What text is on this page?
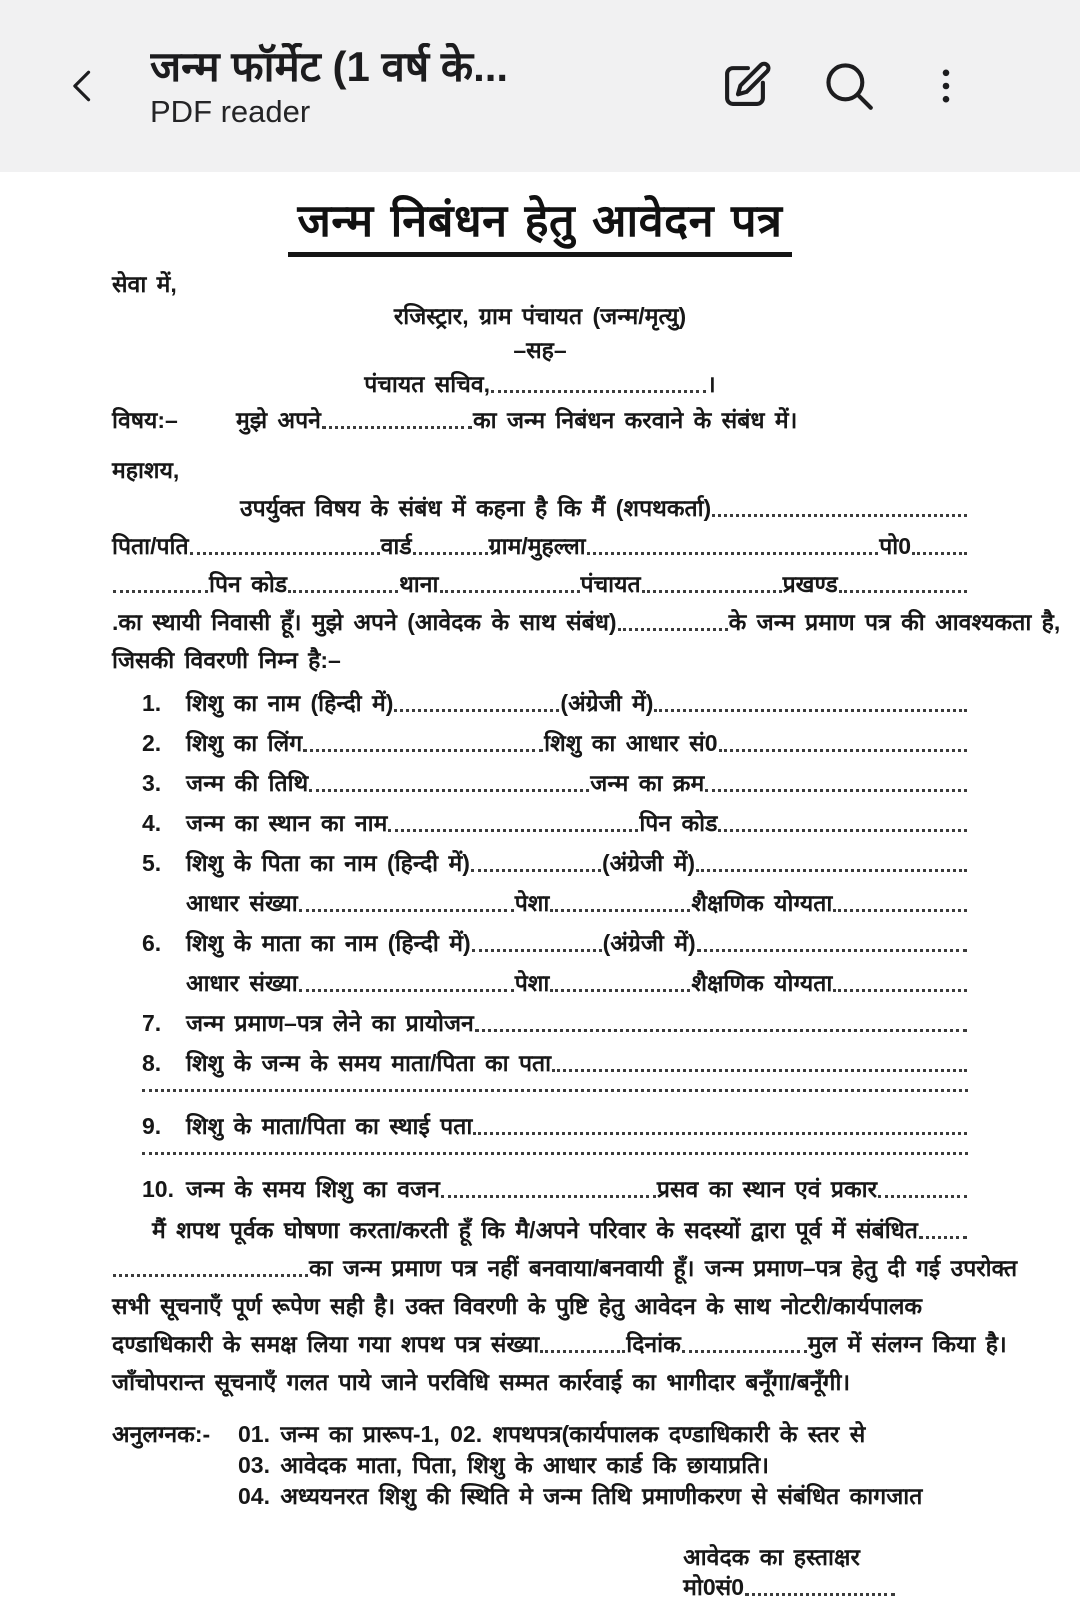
जन्म फॉर्मेट (1 वर्ष के...
PDF reader
जन्म निबंधन हेतु आवेदन पत्र
सेवा में,
रजिस्ट्रार, ग्राम पंचायत (जन्म/मृत्यु)
–सह–
पंचायत सचिव,	।
विषय:–	मुझे अपने	का जन्म निबंधन करवाने के संबंध में।
महाशय,
उपर्युक्त विषय के संबंध में कहना है कि मैं (शपथकर्ता)
पिता/पति	वार्ड	ग्राम/मुहल्ला	पो0
पिन कोड	थाना	पंचायत	प्रखण्ड
.का स्थायी निवासी हूँ। मुझे अपने (आवेदक के साथ संबंध)	के जन्म प्रमाण पत्र की आवश्यकता है,
जिसकी विवरणी निम्न है:–
1.	शिशु का नाम (हिन्दी में)	(अंग्रेजी में)
2.	शिशु का लिंग	शिशु का आधार सं0
3.	जन्म की तिथि	जन्म का क्रम
4.	जन्म का स्थान का नाम	पिन कोड
5.	शिशु के पिता का नाम (हिन्दी में)	(अंग्रेजी में)
आधार संख्या	पेशा	शैक्षणिक योग्यता
6.	शिशु के माता का नाम (हिन्दी में)	(अंग्रेजी में)
आधार संख्या	पेशा	शैक्षणिक योग्यता
7.	जन्म प्रमाण–पत्र लेने का प्रायोजन
8.	शिशु के जन्म के समय माता/पिता का पता
9.	शिशु के माता/पिता का स्थाई पता
10. जन्म के समय शिशु का वजन	प्रसव का स्थान एवं प्रकार
मैं शपथ पूर्वक घोषणा करता/करती हूँ कि मै/अपने परिवार के सदस्यों द्वारा पूर्व में संबंधित
का जन्म प्रमाण पत्र नहीं बनवाया/बनवायी हूँ। जन्म प्रमाण–पत्र हेतु दी गई उपरोक्त
सभी सूचनाएँ पूर्ण रूपेण सही है। उक्त विवरणी के पुष्टि हेतु आवेदन के साथ नोटरी/कार्यपालक
दण्डाधिकारी के समक्ष लिया गया शपथ पत्र संख्या	दिनांक	मुल में संलग्न किया है।
जाँचोपरान्त सूचनाएँ गलत पाये जाने परविधि सम्मत कार्रवाई का भागीदार बनूँगा/बनूँगी।
अनुलग्नक:-	01. जन्म का प्रारूप-1, 02. शपथपत्र(कार्यपालक दण्डाधिकारी के स्तर से
03. आवेदक माता, पिता, शिशु के आधार कार्ड कि छायाप्रति।
04. अध्ययनरत शिशु की स्थिति मे जन्म तिथि प्रमाणीकरण से संबंधित कागजात
आवेदक का हस्ताक्षर
मो0सं0
